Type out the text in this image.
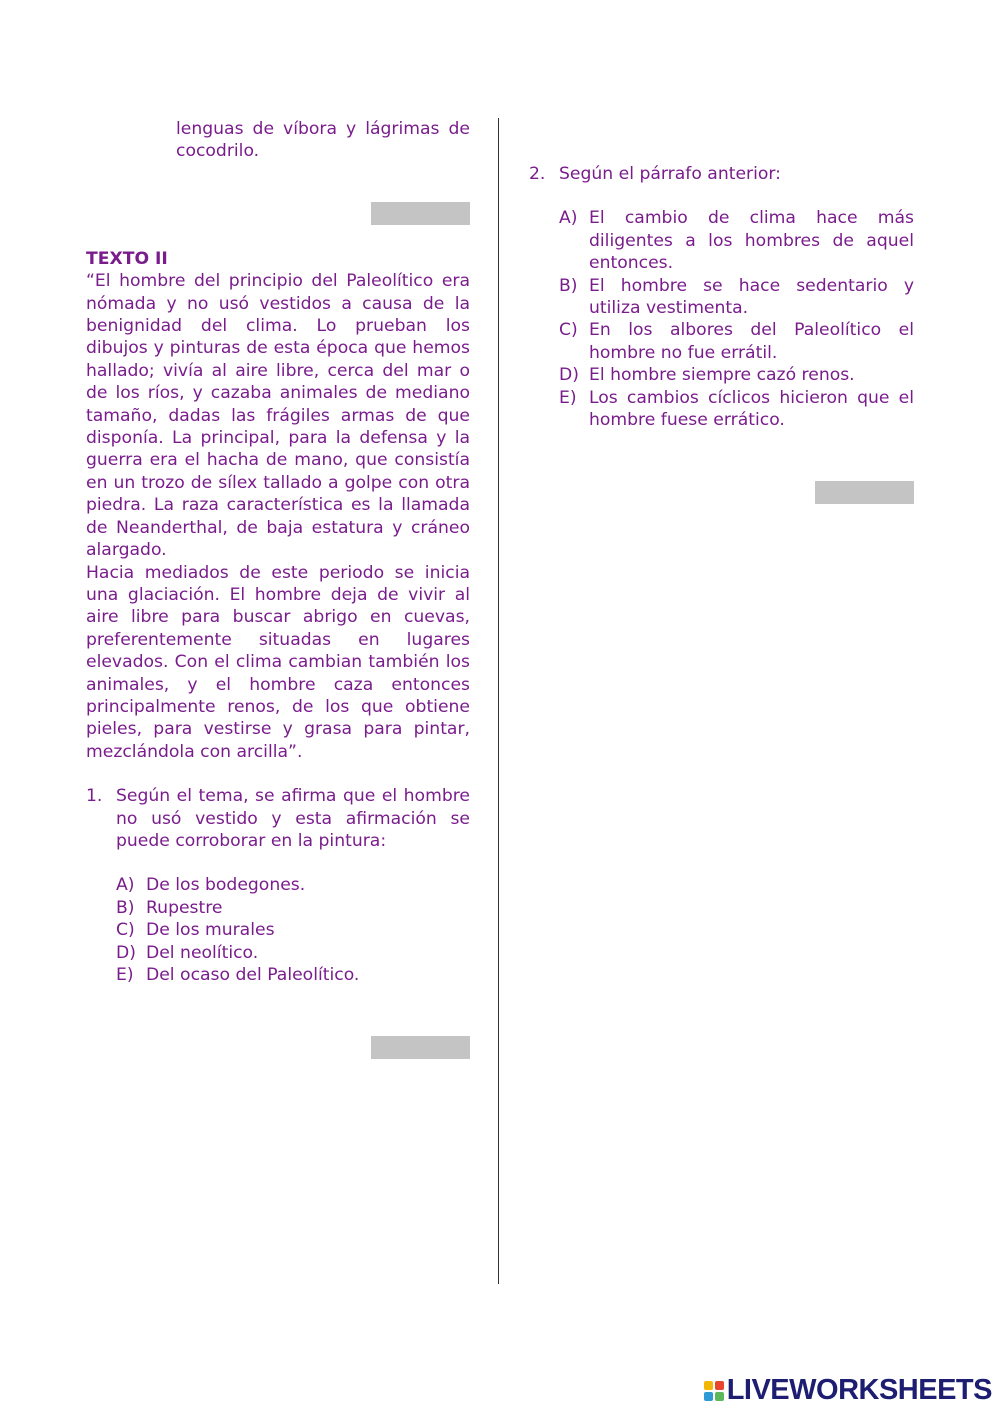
lenguas de víbora y lágrimas de cocodrilo.

TEXTO II

“El hombre del principio del Paleolítico era nómada y no usó vestidos a causa de la benignidad del clima. Lo prueban los dibujos y pinturas de esta época que hemos hallado; vivía al aire libre, cerca del mar o de los ríos, y cazaba animales de mediano tamaño, dadas las frágiles armas de que disponía. La principal, para la defensa y la guerra era el hacha de mano, que consistía en un trozo de sílex tallado a golpe con otra piedra. La raza característica es la llamada de Neanderthal, de baja estatura y cráneo alargado.

Hacia mediados de este periodo se inicia una glaciación. El hombre deja de vivir al aire libre para buscar abrigo en cuevas, preferentemente situadas en lugares elevados. Con el clima cambian también los animales, y el hombre caza entonces principalmente renos, de los que obtiene pieles, para vestirse y grasa para pintar, mezclándola con arcilla”.

1. Según el tema, se afirma que el hombre no usó vestido y esta afirmación se puede corroborar en la pintura:
A) De los bodegones.
B) Rupestre
C) De los murales
D) Del neolítico.
E) Del ocaso del Paleolítico.
2. Según el párrafo anterior:
A) El cambio de clima hace más diligentes a los hombres de aquel entonces.
B) El hombre se hace sedentario y utiliza vestimenta.
C) En los albores del Paleolítico el hombre no fue errátil.
D) El hombre siempre cazó renos.
E) Los cambios cíclicos hicieron que el hombre fuese errático.
LIVEWORKSHEETS
